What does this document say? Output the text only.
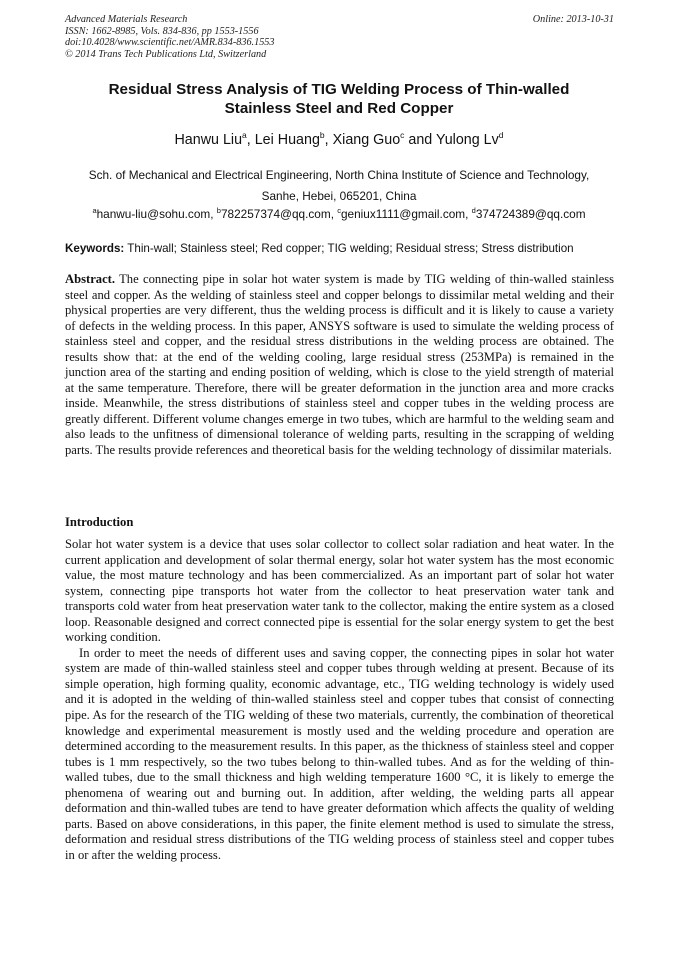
Advanced Materials Research
ISSN: 1662-8985, Vols. 834-836, pp 1553-1556
doi:10.4028/www.scientific.net/AMR.834-836.1553
© 2014 Trans Tech Publications Ltd, Switzerland
Online: 2013-10-31
Residual Stress Analysis of TIG Welding Process of Thin-walled
Stainless Steel and Red Copper
Hanwu Liu$^a$, Lei Huang$^b$, Xiang Guo$^c$ and Yulong Lv$^d$
Sch. of Mechanical and Electrical Engineering, North China Institute of Science and Technology,
Sanhe, Hebei, 065201, China
$^a$hanwu-liu@sohu.com, $^b$782257374@qq.com, $^c$geniux1111@gmail.com, $^d$374724389@qq.com
Keywords: Thin-wall; Stainless steel; Red copper; TIG welding; Residual stress; Stress distribution
Abstract. The connecting pipe in solar hot water system is made by TIG welding of thin-walled stainless steel and copper. As the welding of stainless steel and copper belongs to dissimilar metal welding and their physical properties are very different, thus the welding process is difficult and it is likely to cause a variety of defects in the welding process. In this paper, ANSYS software is used to simulate the welding process of stainless steel and copper, and the residual stress distributions in the welding process are obtained. The results show that: at the end of the welding cooling, large residual stress (253MPa) is remained in the junction area of the starting and ending position of welding, which is close to the yield strength of material at the same temperature. Therefore, there will be greater deformation in the junction area and more cracks inside. Meanwhile, the stress distributions of stainless steel and copper tubes in the welding process are greatly different. Different volume changes emerge in two tubes, which are harmful to the welding seam and also leads to the unfitness of dimensional tolerance of welding parts, resulting in the scrapping of welding parts. The results provide references and theoretical basis for the welding technology of dissimilar materials.
Introduction

Solar hot water system is a device that uses solar collector to collect solar radiation and heat water. In the current application and development of solar thermal energy, solar hot water system has the most economic value, the most mature technology and has been commercialized. As an important part of solar hot water system, connecting pipe transports hot water from the collector to heat preservation water tank and transports cold water from heat preservation water tank to the collector, making the entire system as a closed loop. Reasonable designed and correct connected pipe is essential for the solar energy system to get the best working condition.

In order to meet the needs of different uses and saving copper, the connecting pipes in solar hot water system are made of thin-walled stainless steel and copper tubes through welding at present. Because of its simple operation, high forming quality, economic advantage, etc., TIG welding technology is widely used and it is adopted in the welding of thin-walled stainless steel and copper tubes that consist of connecting pipe. As for the research of the TIG welding of these two materials, currently, the combination of theoretical knowledge and experimental measurement is mostly used and the welding procedure and operation are determined according to the measurement results. In this paper, as the thickness of stainless steel and copper tubes is 1 mm respectively, so the two tubes belong to thin-walled tubes. And as for the welding of thin-walled tubes, due to the small thickness and high welding temperature 1600 °C, it is likely to emerge the phenomena of wearing out and burning out. In addition, after welding, the welding parts all appear deformation and thin-walled tubes are tend to have greater deformation which affects the quality of welding parts. Based on above considerations, in this paper, the finite element method is used to simulate the stress, deformation and residual stress distributions of the TIG welding process of stainless steel and copper tubes in or after the welding process.
